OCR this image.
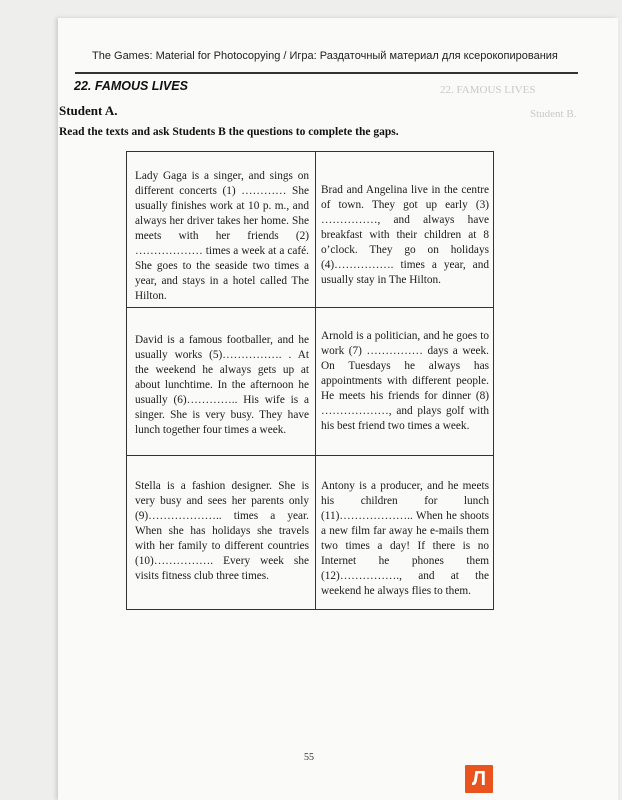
22. FAMOUS LIVES
Student B.
The Games: Material for Photocopying / Игра: Раздаточный материал для ксерокопирования
22. FAMOUS LIVES
Student A.
Read the texts and ask Students B the questions to complete the gaps.
Lady Gaga is a singer, and sings on different concerts (1) ………… She usually finishes work at 10 p. m., and always her driver takes her home. She meets with her friends (2) ……………… times a week at a café. She goes to the seaside two times a year, and stays in a hotel called The Hilton.
Brad and Angelina live in the centre of town. They got up early (3) ……………, and always have breakfast with their children at 8 o’clock. They go on holidays (4)……………. times a year, and usually stay in The Hilton.
David is a famous footballer, and he usually works (5)……………. . At the weekend he always gets up at about lunchtime. In the afternoon he usually (6)………….. His wife is a singer. She is very busy. They have lunch together four times a week.
Arnold is a politician, and he goes to work (7) …………… days a week. On Tuesdays he always has appointments with different people. He meets his friends for dinner (8) ………………, and plays golf with his best friend two times a week.
Stella is a fashion designer. She is very busy and sees her parents only (9)……………….. times a year. When she has holidays she travels with her family to different countries (10)……………. Every week she visits fitness club three times.
Antony is a producer, and he meets his children for lunch (11)……………….. When he shoots a new film far away he e-mails them two times a day! If there is no Internet he phones them (12)……………., and at the weekend he always flies to them.
55
Л
